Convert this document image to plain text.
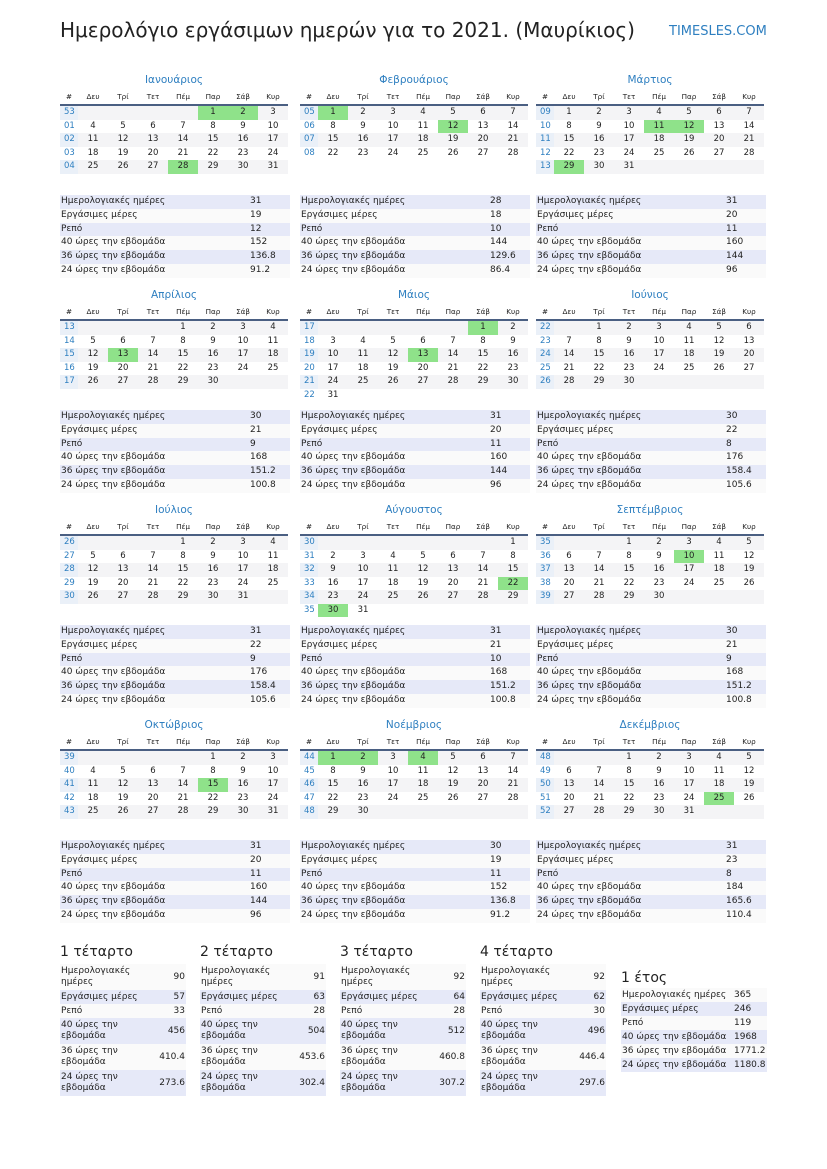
Ημερολόγιο εργάσιμων ημερών για το 2021. (Μαυρίκιος)	TIMESLES.COM
Ιανουάριος
#	Δευ	Τρί	Τετ	Πέμ	Παρ	Σάβ	Κυρ
53					1	2	3
01	4	5	6	7	8	9	10
02	11	12	13	14	15	16	17
03	18	19	20	21	22	23	24
04	25	26	27	28	29	30	31
Ημερολογιακές ημέρες	31
Εργάσιμες μέρες	19
Ρεπό	12
40 ώρες την εβδομάδα	152
36 ώρες την εβδομάδα	136.8
24 ώρες την εβδομάδα	91.2
Φεβρουάριος
#	Δευ	Τρί	Τετ	Πέμ	Παρ	Σάβ	Κυρ
05	1	2	3	4	5	6	7
06	8	9	10	11	12	13	14
07	15	16	17	18	19	20	21
08	22	23	24	25	26	27	28
Ημερολογιακές ημέρες	28
Εργάσιμες μέρες	18
Ρεπό	10
40 ώρες την εβδομάδα	144
36 ώρες την εβδομάδα	129.6
24 ώρες την εβδομάδα	86.4
Μάρτιος
#	Δευ	Τρί	Τετ	Πέμ	Παρ	Σάβ	Κυρ
09	1	2	3	4	5	6	7
10	8	9	10	11	12	13	14
11	15	16	17	18	19	20	21
12	22	23	24	25	26	27	28
13	29	30	31				
Ημερολογιακές ημέρες	31
Εργάσιμες μέρες	20
Ρεπό	11
40 ώρες την εβδομάδα	160
36 ώρες την εβδομάδα	144
24 ώρες την εβδομάδα	96
Απρίλιος
#	Δευ	Τρί	Τετ	Πέμ	Παρ	Σάβ	Κυρ
13				1	2	3	4
14	5	6	7	8	9	10	11
15	12	13	14	15	16	17	18
16	19	20	21	22	23	24	25
17	26	27	28	29	30		
Ημερολογιακές ημέρες	30
Εργάσιμες μέρες	21
Ρεπό	9
40 ώρες την εβδομάδα	168
36 ώρες την εβδομάδα	151.2
24 ώρες την εβδομάδα	100.8
Μάιος
#	Δευ	Τρί	Τετ	Πέμ	Παρ	Σάβ	Κυρ
17						1	2
18	3	4	5	6	7	8	9
19	10	11	12	13	14	15	16
20	17	18	19	20	21	22	23
21	24	25	26	27	28	29	30
22	31						
Ημερολογιακές ημέρες	31
Εργάσιμες μέρες	20
Ρεπό	11
40 ώρες την εβδομάδα	160
36 ώρες την εβδομάδα	144
24 ώρες την εβδομάδα	96
Ιούνιος
#	Δευ	Τρί	Τετ	Πέμ	Παρ	Σάβ	Κυρ
22		1	2	3	4	5	6
23	7	8	9	10	11	12	13
24	14	15	16	17	18	19	20
25	21	22	23	24	25	26	27
26	28	29	30				
Ημερολογιακές ημέρες	30
Εργάσιμες μέρες	22
Ρεπό	8
40 ώρες την εβδομάδα	176
36 ώρες την εβδομάδα	158.4
24 ώρες την εβδομάδα	105.6
Ιούλιος
#	Δευ	Τρί	Τετ	Πέμ	Παρ	Σάβ	Κυρ
26				1	2	3	4
27	5	6	7	8	9	10	11
28	12	13	14	15	16	17	18
29	19	20	21	22	23	24	25
30	26	27	28	29	30	31	
Ημερολογιακές ημέρες	31
Εργάσιμες μέρες	22
Ρεπό	9
40 ώρες την εβδομάδα	176
36 ώρες την εβδομάδα	158.4
24 ώρες την εβδομάδα	105.6
Αύγουστος
#	Δευ	Τρί	Τετ	Πέμ	Παρ	Σάβ	Κυρ
30							1
31	2	3	4	5	6	7	8
32	9	10	11	12	13	14	15
33	16	17	18	19	20	21	22
34	23	24	25	26	27	28	29
35	30	31					
Ημερολογιακές ημέρες	31
Εργάσιμες μέρες	21
Ρεπό	10
40 ώρες την εβδομάδα	168
36 ώρες την εβδομάδα	151.2
24 ώρες την εβδομάδα	100.8
Σεπτέμβριος
#	Δευ	Τρί	Τετ	Πέμ	Παρ	Σάβ	Κυρ
35			1	2	3	4	5
36	6	7	8	9	10	11	12
37	13	14	15	16	17	18	19
38	20	21	22	23	24	25	26
39	27	28	29	30			
Ημερολογιακές ημέρες	30
Εργάσιμες μέρες	21
Ρεπό	9
40 ώρες την εβδομάδα	168
36 ώρες την εβδομάδα	151.2
24 ώρες την εβδομάδα	100.8
Οκτώβριος
#	Δευ	Τρί	Τετ	Πέμ	Παρ	Σάβ	Κυρ
39					1	2	3
40	4	5	6	7	8	9	10
41	11	12	13	14	15	16	17
42	18	19	20	21	22	23	24
43	25	26	27	28	29	30	31
Ημερολογιακές ημέρες	31
Εργάσιμες μέρες	20
Ρεπό	11
40 ώρες την εβδομάδα	160
36 ώρες την εβδομάδα	144
24 ώρες την εβδομάδα	96
Νοέμβριος
#	Δευ	Τρί	Τετ	Πέμ	Παρ	Σάβ	Κυρ
44	1	2	3	4	5	6	7
45	8	9	10	11	12	13	14
46	15	16	17	18	19	20	21
47	22	23	24	25	26	27	28
48	29	30					
Ημερολογιακές ημέρες	30
Εργάσιμες μέρες	19
Ρεπό	11
40 ώρες την εβδομάδα	152
36 ώρες την εβδομάδα	136.8
24 ώρες την εβδομάδα	91.2
Δεκέμβριος
#	Δευ	Τρί	Τετ	Πέμ	Παρ	Σάβ	Κυρ
48			1	2	3	4	5
49	6	7	8	9	10	11	12
50	13	14	15	16	17	18	19
51	20	21	22	23	24	25	26
52	27	28	29	30	31		
Ημερολογιακές ημέρες	31
Εργάσιμες μέρες	23
Ρεπό	8
40 ώρες την εβδομάδα	184
36 ώρες την εβδομάδα	165.6
24 ώρες την εβδομάδα	110.4
1 τέταρτο
Ημερολογιακές ημέρες	90
Εργάσιμες μέρες	57
Ρεπό	33
40 ώρες την εβδομάδα	456
36 ώρες την εβδομάδα	410.4
24 ώρες την εβδομάδα	273.6
2 τέταρτο
Ημερολογιακές ημέρες	91
Εργάσιμες μέρες	63
Ρεπό	28
40 ώρες την εβδομάδα	504
36 ώρες την εβδομάδα	453.6
24 ώρες την εβδομάδα	302.4
3 τέταρτο
Ημερολογιακές ημέρες	92
Εργάσιμες μέρες	64
Ρεπό	28
40 ώρες την εβδομάδα	512
36 ώρες την εβδομάδα	460.8
24 ώρες την εβδομάδα	307.2
4 τέταρτο
Ημερολογιακές ημέρες	92
Εργάσιμες μέρες	62
Ρεπό	30
40 ώρες την εβδομάδα	496
36 ώρες την εβδομάδα	446.4
24 ώρες την εβδομάδα	297.6
1 έτος
Ημερολογιακές ημέρες	365
Εργάσιμες μέρες	246
Ρεπό	119
40 ώρες την εβδομάδα	1968
36 ώρες την εβδομάδα	1771.2
24 ώρες την εβδομάδα	1180.8
